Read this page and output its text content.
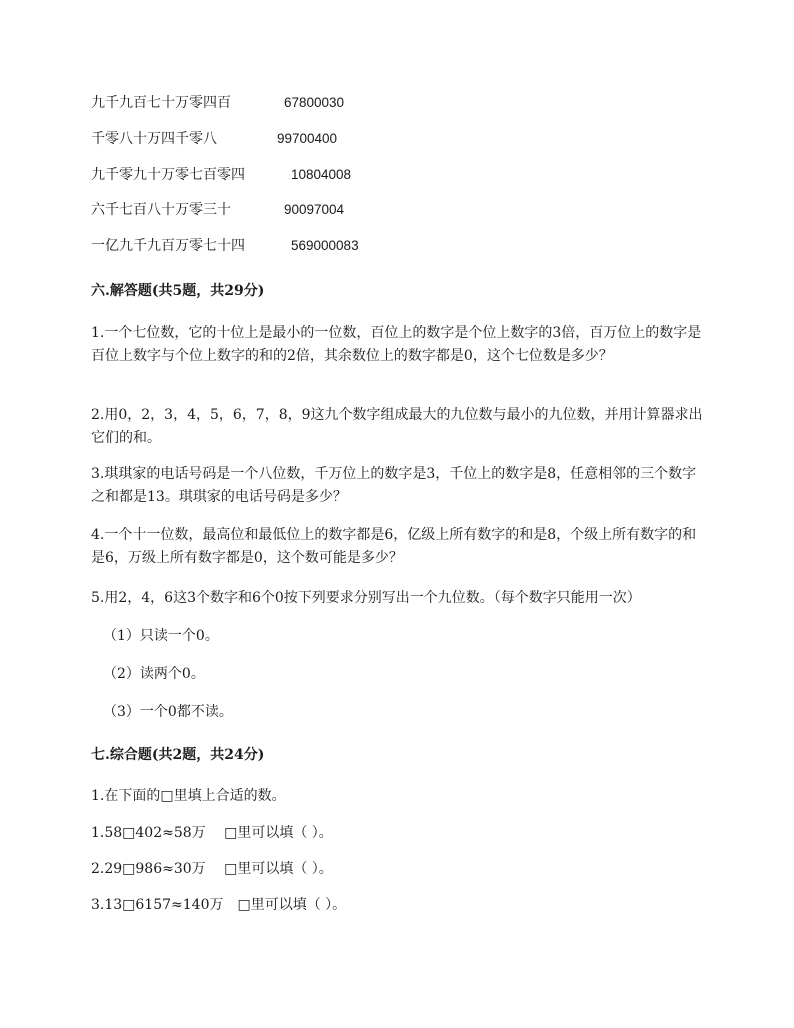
九千九百七十万零四百	67800030
千零八十万四千零八	99700400
九千零九十万零七百零四	10804008
六千七百八十万零三十	90097004
一亿九千九百万零七十四	569000083
六.解答题(共5题，共29分)
1.一个七位数，它的十位上是最小的一位数，百位上的数字是个位上数字的3倍，百万位上的数字是百位上数字与个位上数字的和的2倍，其余数位上的数字都是0，这个七位数是多少？
2.用0，2，3，4，5，6，7，8，9这九个数字组成最大的九位数与最小的九位数，并用计算器求出它们的和。
3.琪琪家的电话号码是一个八位数，千万位上的数字是3，千位上的数字是8，任意相邻的三个数字之和都是13。琪琪家的电话号码是多少？
4.一个十一位数，最高位和最低位上的数字都是6，亿级上所有数字的和是8，个级上所有数字的和是6，万级上所有数字都是0，这个数可能是多少？
5.用2，4，6这3个数字和6个0按下列要求分别写出一个九位数。（每个数字只能用一次）
（1）只读一个0。
（2）读两个0。
（3）一个0都不读。
七.综合题(共2题，共24分)
1.在下面的□里填上合适的数。
1.58□402≈58万　 □里可以填（ ）。
2.29□986≈30万　 □里可以填（ ）。
3.13□6157≈140万　□里可以填（ ）。
